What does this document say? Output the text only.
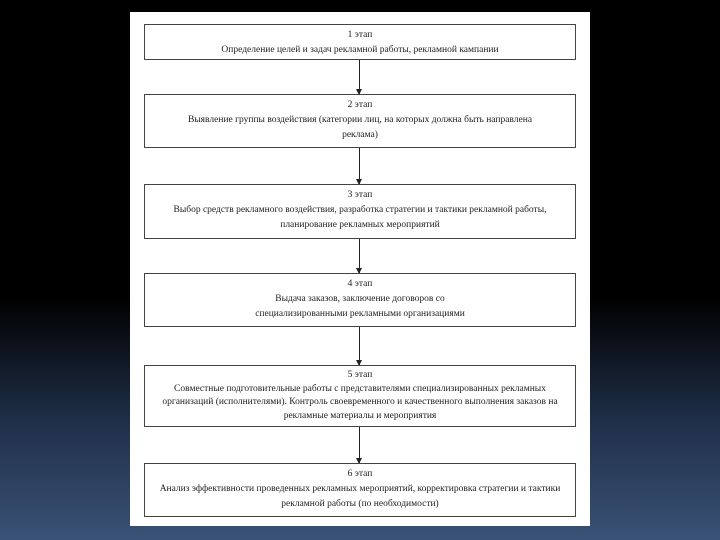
1 этап
Определение целей и задач рекламной работы, рекламной кампании
2 этап
Выявление группы воздействия (категории лиц, на которых должна быть направлена реклама)
3 этап
Выбор средств рекламного воздействия, разработка стратегии и тактики рекламной работы, планирование рекламных мероприятий
4 этап
Выдача заказов, заключение договоров со специализированными рекламными организациями
5 этап
Совместные подготовительные работы с представителями специализированных рекламных организаций (исполнителями). Контроль своевременного и качественного выполнения заказов на рекламные материалы и мероприятия
6 этап
Анализ эффективности проведенных рекламных мероприятий, корректировка стратегии и тактики рекламной работы (по необходимости)
